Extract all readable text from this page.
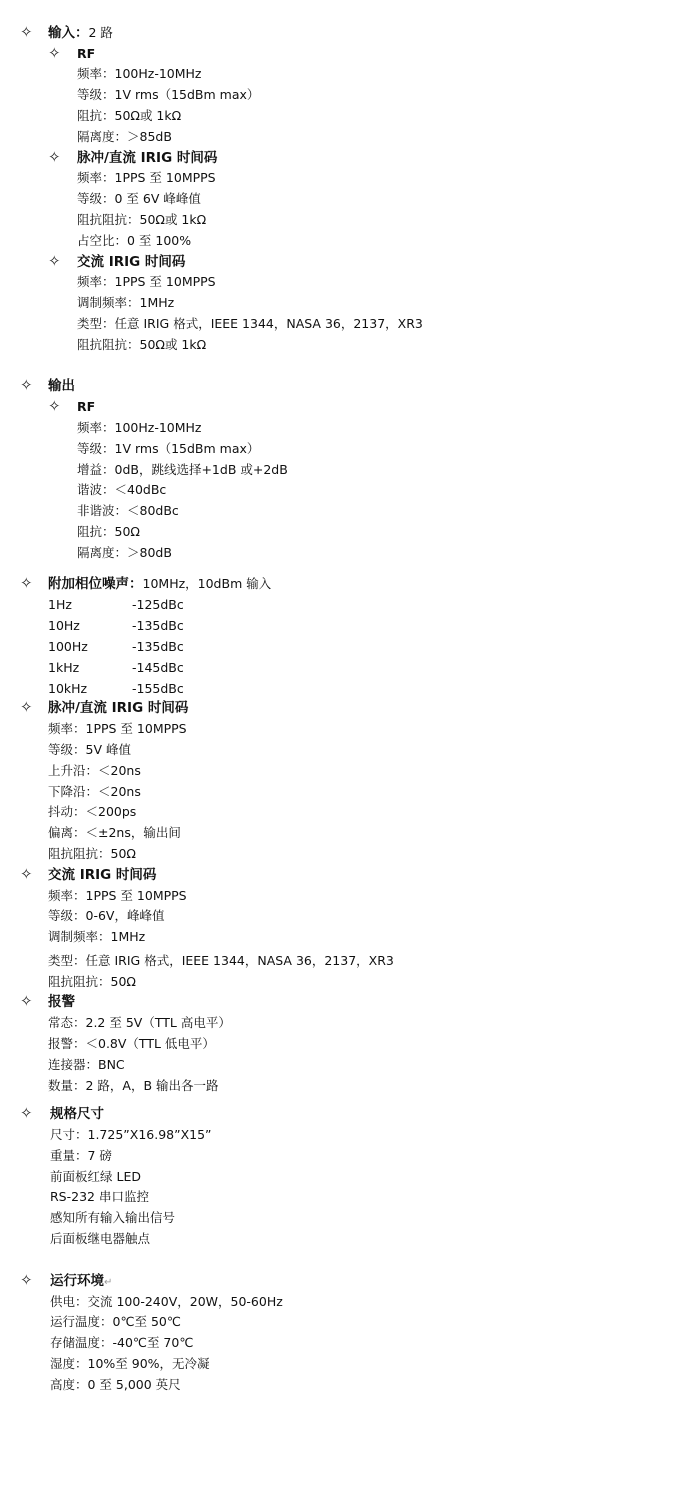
✧ 输入：2 路
✧ RF
频率：100Hz-10MHz
等级：1V rms（15dBm max）
阻抗：50Ω或 1kΩ
隔离度：＞85dB
✧ 脉冲/直流 IRIG 时间码
频率：1PPS 至 10MPPS
等级：0 至 6V 峰峰值
阻抗阻抗：50Ω或 1kΩ
占空比：0 至 100%
✧ 交流 IRIG 时间码
频率：1PPS 至 10MPPS
调制频率：1MHz
类型：任意 IRIG 格式，IEEE 1344，NASA 36，2137，XR3
阻抗阻抗：50Ω或 1kΩ
✧ 输出
✧ RF
频率：100Hz-10MHz
等级：1V rms（15dBm max）
增益：0dB，跳线选择+1dB 或+2dB
谐波：＜40dBc
非谐波：＜80dBc
阻抗：50Ω
隔离度：＞80dB
✧ 附加相位噪声：10MHz，10dBm 输入
1Hz	-125dBc
10Hz	-135dBc
100Hz	-135dBc
1kHz	-145dBc
10kHz	-155dBc
✧ 脉冲/直流 IRIG 时间码
频率：1PPS 至 10MPPS
等级：5V 峰值
上升沿：＜20ns
下降沿：＜20ns
抖动：＜200ps
偏离：＜±2ns，输出间
阻抗阻抗：50Ω
✧ 交流 IRIG 时间码
频率：1PPS 至 10MPPS
等级：0-6V，峰峰值
调制频率：1MHz
类型：任意 IRIG 格式，IEEE 1344，NASA 36，2137，XR3
阻抗阻抗：50Ω
✧ 报警
常态：2.2 至 5V（TTL 高电平）
报警：＜0.8V（TTL 低电平）
连接器：BNC
数量：2 路，A，B 输出各一路
✧ 规格尺寸
尺寸：1.725”X16.98”X15”
重量：7 磅
前面板红绿 LED
RS-232 串口监控
感知所有输入输出信号
后面板继电器触点
✧ 运行环境↵
供电：交流 100-240V，20W，50-60Hz
运行温度：0℃至 50℃
存储温度：-40℃至 70℃
湿度：10%至 90%，无冷凝
高度：0 至 5,000 英尺
